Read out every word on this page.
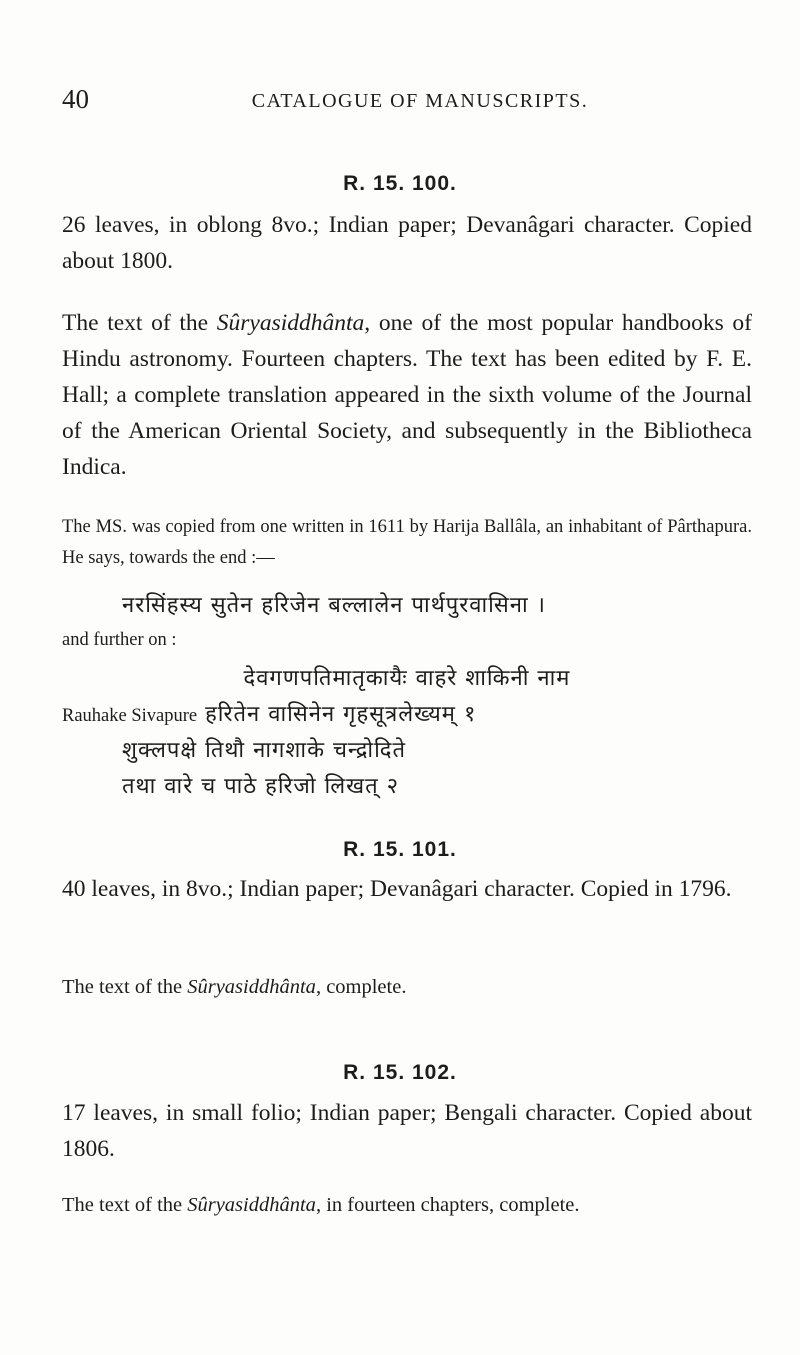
40	CATALOGUE OF MANUSCRIPTS.
R. 15. 100.

26 leaves, in oblong 8vo.; Indian paper; Devanâgari character. Copied about 1800.

The text of the Sûryasiddhânta, one of the most popular handbooks of Hindu astronomy. Fourteen chapters. The text has been edited by F. E. Hall; a complete translation appeared in the sixth volume of the Journal of the American Oriental Society, and subsequently in the Bibliotheca Indica.

The MS. was copied from one written in 1611 by Harija Ballâla, an inhabitant of Pârthapura. He says, towards the end :—

नरसिंहस्य सुतेन हरिजेन बल्लालेन पार्थपुरवासिना ।

and further on :

देवगणपतिमातृकायैः वाहरे शाकिनी नाम

Rauhake Sivapure हरितेन वासिनेन गृहसूत्रलेख्यम् १

शुक्लपक्षे तिथौ नागशाके चन्द्रोदिते

तथा वारे च पाठे हरिजो लिखत् २

R. 15. 101.

40 leaves, in 8vo.; Indian paper; Devanâgari character. Copied in 1796.

The text of the Sûryasiddhânta, complete.

R. 15. 102.

17 leaves, in small folio; Indian paper; Bengali character. Copied about 1806.

The text of the Sûryasiddhânta, in fourteen chapters, complete.
